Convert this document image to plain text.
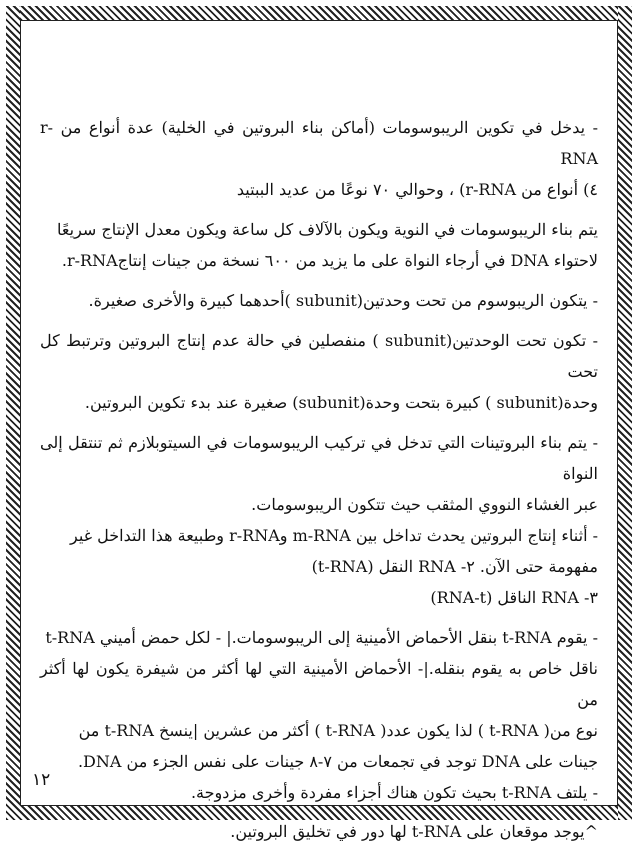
- يدخل في تكوين الريبوسومات (أماكن بناء البروتين في الخلية) عدة أنواع من r-RNA
٤) أنواع من r-RNA) ، وحوالي ٧٠ نوعًا من عديد الببتيد

يتم بناء الريبوسومات في النوية ويكون بالآلاف كل ساعة ويكون معدل الإنتاج سريعًا
لاحتواء DNA في أرجاء النواة على ما يزيد من ٦٠٠ نسخة من جينات إنتاجr-RNA.

- يتكون الريبوسوم من تحت وحدتين(subunit )أحدهما كبيرة والأخرى صغيرة.

- تكون تحت الوحدتين(subunit ) منفصلين في حالة عدم إنتاج البروتين وترتبط كل تحت
وحدة(subunit ) كبيرة بتحت وحدة(subunit) صغيرة عند بدء تكوين البروتين.

- يتم بناء البروتينات التي تدخل في تركيب الريبوسومات في السيتوبلازم ثم تنتقل إلى النواة
عبر الغشاء النووي المثقب حيث تتكون الريبوسومات.
- أثناء إنتاج البروتين يحدث تداخل بين m-RNA وr-RNA وطبيعة هذا التداخل غير
مفهومة حتى الآن. ٢- RNA النقل (t-RNA)
٣- RNA الناقل (RNA-t)

- يقوم t-RNA بنقل الأحماض الأمينية إلى الريبوسومات.| - لكل حمض أميني t-RNA
ناقل خاص به يقوم بنقله.|- الأحماض الأمينية التي لها أكثر من شيفرة يكون لها أكثر من
نوع من( t-RNA ) لذا يكون عدد( t-RNA ) أكثر من عشرين |ينسخ t-RNA من
جينات على DNA توجد في تجمعات من ٧-٨ جينات على نفس الجزء من DNA.
- يلتف t-RNA بحيث تكون هناك أجزاء مفردة وأخرى مزدوجة.

^يوجد موقعان على t-RNA لها دور في تخليق البروتين.

١٢
